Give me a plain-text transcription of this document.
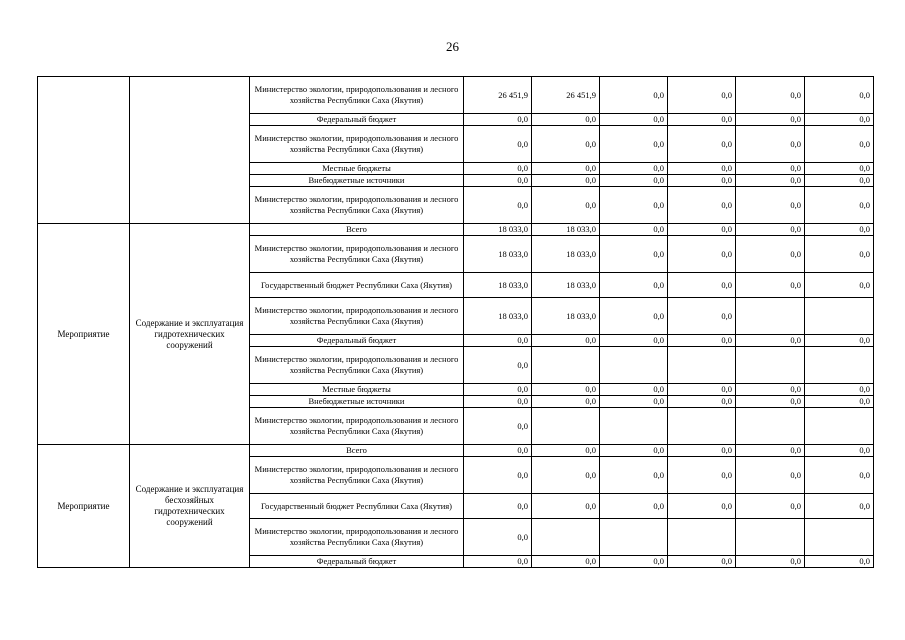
26
		Министерство экологии, природопользования и лесного хозяйства Республики Саха (Якутия)	26 451,9	26 451,9	0,0	0,0	0,0	0,0
		Федеральный бюджет	0,0	0,0	0,0	0,0	0,0	0,0
		Министерство экологии, природопользования и лесного хозяйства Республики Саха (Якутия)	0,0	0,0	0,0	0,0	0,0	0,0
		Местные бюджеты	0,0	0,0	0,0	0,0	0,0	0,0
		Внебюджетные источники	0,0	0,0	0,0	0,0	0,0	0,0
		Министерство экологии, природопользования и лесного хозяйства Республики Саха (Якутия)	0,0	0,0	0,0	0,0	0,0	0,0
Мероприятие	Содержание и эксплуатация гидротехнических сооружений	Всего	18 033,0	18 033,0	0,0	0,0	0,0	0,0
		Министерство экологии, природопользования и лесного хозяйства Республики Саха (Якутия)	18 033,0	18 033,0	0,0	0,0	0,0	0,0
		Государственный бюджет Республики Саха (Якутия)	18 033,0	18 033,0	0,0	0,0	0,0	0,0
		Министерство экологии, природопользования и лесного хозяйства Республики Саха (Якутия)	18 033,0	18 033,0	0,0	0,0		
		Федеральный бюджет	0,0	0,0	0,0	0,0	0,0	0,0
		Министерство экологии, природопользования и лесного хозяйства Республики Саха (Якутия)	0,0					
		Местные бюджеты	0,0	0,0	0,0	0,0	0,0	0,0
		Внебюджетные источники	0,0	0,0	0,0	0,0	0,0	0,0
		Министерство экологии, природопользования и лесного хозяйства Республики Саха (Якутия)	0,0					
Мероприятие	Содержание и эксплуатация бесхозяйных гидротехнических сооружений	Всего	0,0	0,0	0,0	0,0	0,0	0,0
		Министерство экологии, природопользования и лесного хозяйства Республики Саха (Якутия)	0,0	0,0	0,0	0,0	0,0	0,0
		Государственный бюджет Республики Саха (Якутия)	0,0	0,0	0,0	0,0	0,0	0,0
		Министерство экологии, природопользования и лесного хозяйства Республики Саха (Якутия)	0,0					
		Федеральный бюджет	0,0	0,0	0,0	0,0	0,0	0,0
